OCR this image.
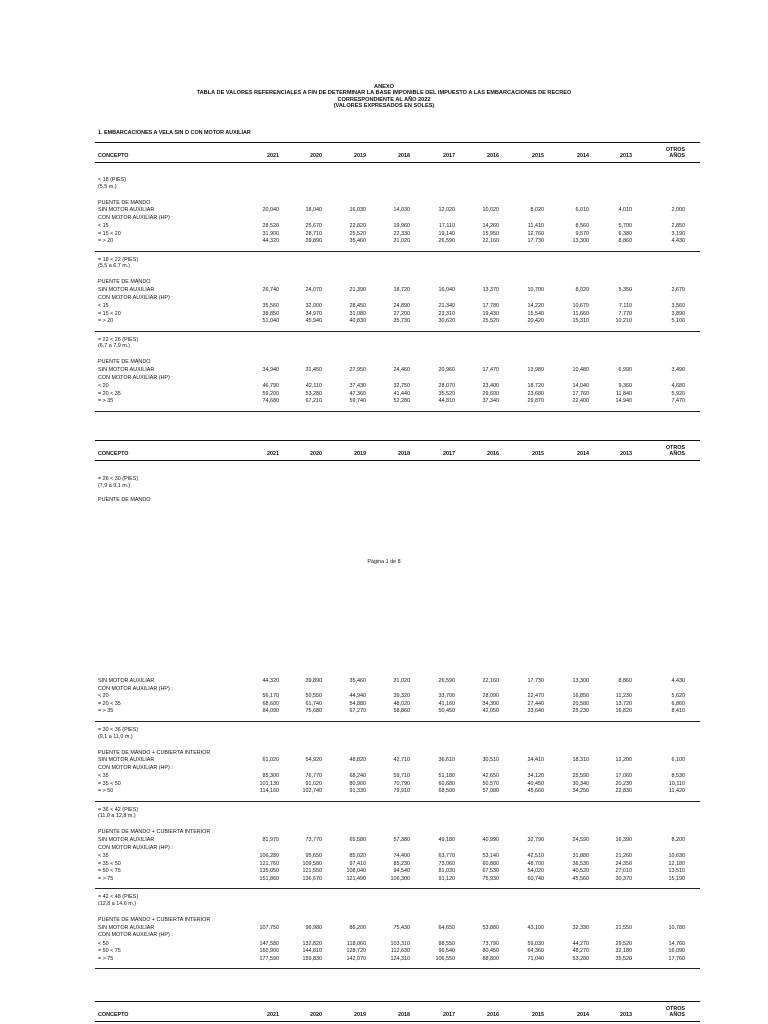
ANEXO
TABLA DE VALORES REFERENCIALES A FIN DE DETERMINAR LA BASE IMPONIBLE DEL IMPUESTO A LAS EMBARCACIONES DE RECREO
CORRESPONDIENTE AL AÑO 2022
(VALORES EXPRESADOS EN SOLES)
1. EMBARCACIONES A VELA SIN O CON MOTOR AUXILIAR
OTROS
AÑOS
CONCEPTO	2021	2020	2019	2018	2017	2016	2015	2014	2013
< 18 (PIES)
(5,5 m.)
PUENTE DE MANDO
SIN MOTOR AUXILIAR	20,040	18,040	16,030	14,030	12,020	10,020	8,020	6,010	4,010	2,000
CON MOTOR AUXILIAR (HP) :
< 15	28,520	25,670	22,820	19,960	17,110	14,260	11,410	8,560	5,700	2,850
= 15 < 20	31,900	28,710	25,520	22,330	19,140	15,950	12,760	9,570	6,380	3,190
= > 20	44,320	39,890	35,460	31,020	26,590	22,160	17,730	13,300	8,860	4,430
= 18 < 22 (PIES)
(5,5 a 6,7 m.)
PUENTE DE MANDO
SIN MOTOR AUXILIAR	26,740	24,070	21,390	18,720	16,040	13,370	10,700	8,020	5,350	2,670
CON MOTOR AUXILIAR (HP) :
< 15	35,560	32,000	28,450	24,890	21,340	17,780	14,220	10,670	7,110	3,560
= 15 < 20	38,850	34,970	31,080	27,200	23,310	19,430	15,540	11,660	7,770	3,890
= > 20	51,040	45,940	40,830	35,730	30,620	25,520	20,420	15,310	10,210	5,100
= 22 < 26 (PIES)
(6,7 a 7,9 m.)
PUENTE DE MANDO
SIN MOTOR AUXILIAR	34,940	31,450	27,950	24,460	20,960	17,470	13,980	10,480	6,990	3,490
CON MOTOR AUXILIAR (HP) :
< 20	46,790	42,110	37,430	32,750	28,070	23,400	18,720	14,040	9,360	4,680
= 20 < 35	59,200	53,280	47,360	41,440	35,520	29,600	23,680	17,760	11,840	5,920
= > 35	74,680	67,210	59,740	52,280	44,810	37,340	29,870	22,400	14,940	7,470
OTROS
AÑOS
CONCEPTO	2021	2020	2019	2018	2017	2016	2015	2014	2013
= 26 < 30 (PIES)
(7,9 a 9,1 m.)
PUENTE DE MANDO
Página 1 de 8
SIN MOTOR AUXILIAR	44,320	39,890	35,460	31,020	26,590	22,160	17,730	13,300	8,860	4,430
CON MOTOR AUXILIAR (HP) :
< 20	56,170	50,550	44,940	39,320	33,700	28,090	22,470	16,850	11,230	5,620
= 20 < 35	68,600	61,740	54,880	48,020	41,160	34,300	27,440	20,580	13,720	6,860
= > 35	84,090	75,680	67,270	58,860	50,450	42,050	33,640	25,230	16,820	8,410
= 30 < 36 (PIES)
(9,1 a 11,0 m.)
PUENTE DE MANDO + CUBIERTA INTERIOR
SIN MOTOR AUXILIAR	61,020	54,920	48,820	42,710	36,610	30,510	24,410	18,310	12,200	6,100
CON MOTOR AUXILIAR (HP) :
< 35	85,300	76,770	68,240	59,710	51,180	42,650	34,120	25,590	17,060	8,530
= 35 < 50	101,130	91,020	80,900	70,790	60,680	50,570	40,450	30,340	20,230	10,110
= > 50	114,160	102,740	91,330	79,910	68,500	57,080	45,660	34,250	22,830	11,420
= 36 < 42 (PIES)
(11,0 a 12,8 m.)
PUENTE DE MANDO + CUBIERTA INTERIOR
SIN MOTOR AUXILIAR	81,970	73,770	65,580	57,380	49,180	40,990	32,790	24,590	16,390	8,200
CON MOTOR AUXILIAR (HP) :
< 35	106,280	95,650	85,020	74,400	63,770	53,140	42,510	31,880	21,260	10,630
= 35 < 50	121,760	109,580	97,410	85,230	73,060	60,880	48,700	36,530	24,350	12,180
= 50 < 75	135,050	121,550	108,040	94,540	81,030	67,530	54,020	40,520	27,010	13,510
= > 75	151,860	136,670	121,490	106,300	91,120	75,930	60,740	45,560	30,370	15,190
= 42 < 48 (PIES)
(12,8 a 14,6 m.)
PUENTE DE MANDO + CUBIERTA INTERIOR
SIN MOTOR AUXILIAR	107,750	96,980	86,200	75,430	64,650	53,880	43,100	32,330	21,550	10,780
CON MOTOR AUXILIAR (HP) :
< 50	147,580	132,820	118,060	103,310	88,550	73,790	59,030	44,270	29,520	14,760
= 50 < 75	160,900	144,810	128,720	112,630	96,540	80,450	64,360	48,270	32,180	16,090
= > 75	177,590	159,830	142,070	124,310	106,550	88,800	71,040	53,280	35,520	17,760
OTROS
AÑOS
CONCEPTO	2021	2020	2019	2018	2017	2016	2015	2014	2013
